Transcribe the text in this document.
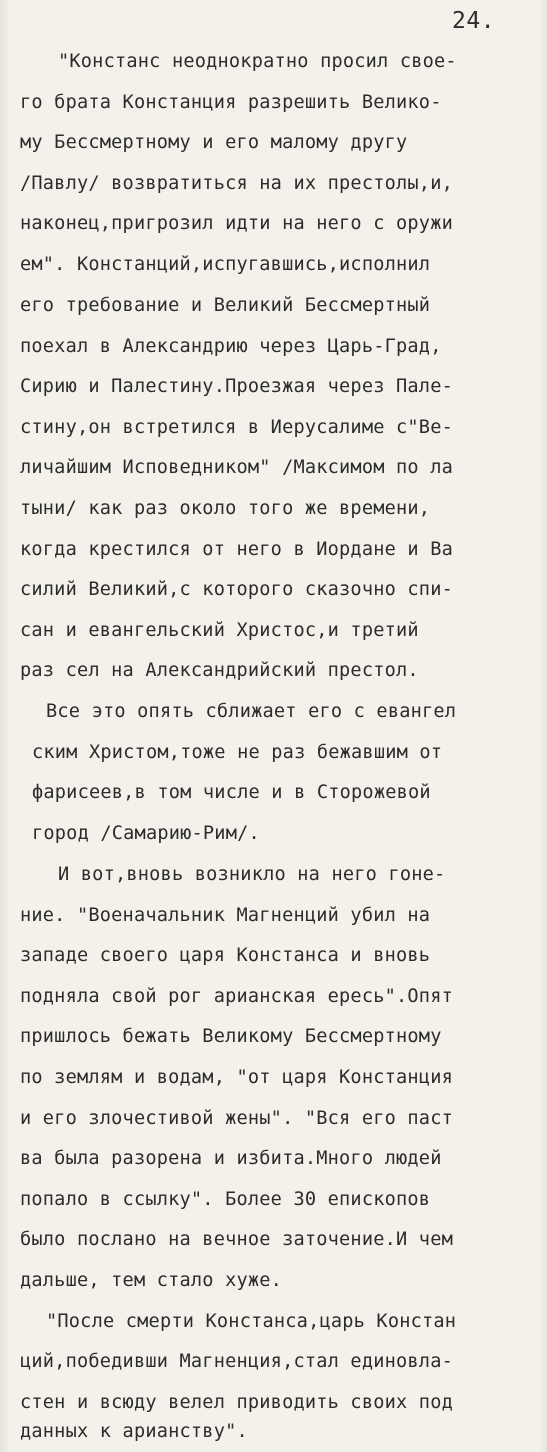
24.
"Констанс неоднократно просил свое-
го брата Констанция разрешить Велико-
му Бессмертному и его малому другу
/Павлу/ возвратиться на их престолы,и,
наконец,пригрозил идти на него с оружи
ем". Констанций,испугавшись,исполнил
его требование и Великий Бессмертный
поехал в Александрию через Царь-Град,
Сирию и Палестину.Проезжая через Пале-
стину,он встретился в Иерусалиме с"Ве-
личайшим Исповедником" /Максимом по ла
тыни/ как раз около того же времени,
когда крестился от него в Иордане и Ва
силий Великий,с которого сказочно спи-
сан и евангельский Христос,и третий
раз сел на Александрийский престол.
Все это опять сближает его с евангел
ским Христом,тоже не раз бежавшим от
фарисеев,в том числе и в Сторожевой
город /Самарию-Рим/.
И вот,вновь возникло на него гоне-
ние. "Военачальник Магненций убил на
западе своего царя Констанса и вновь
подняла свой рог арианская ересь".Опят
пришлось бежать Великому Бессмертному
по землям и водам, "от царя Констанция
и его злочестивой жены". "Вся его паст
ва была разорена и избита.Много людей
попало в ссылку". Более 30 епископов
было послано на вечное заточение.И чем
дальше, тем стало хуже.
"После смерти Констанса,царь Констан
ций,победивши Магненция,стал единовла-
стен и всюду велел приводить своих под
данных к арианству".
